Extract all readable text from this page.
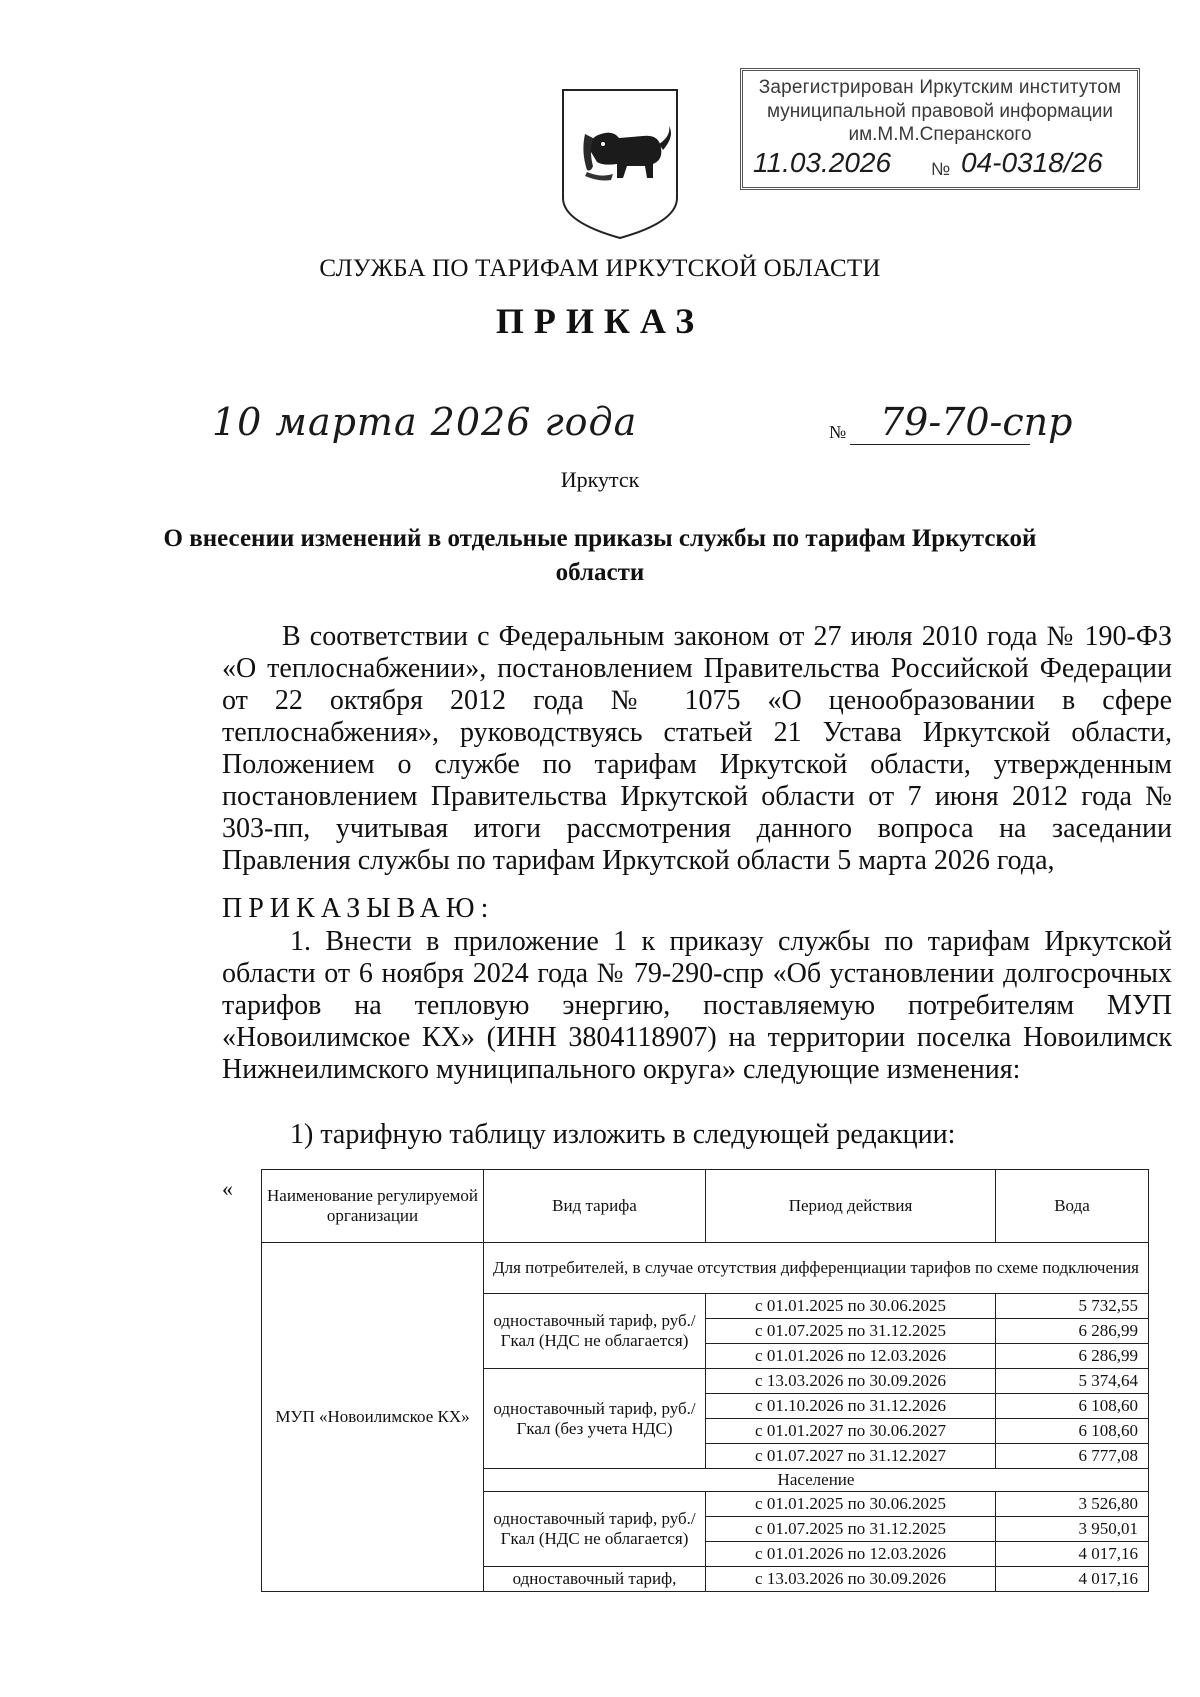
Зарегистрирован Иркутским институтом
муниципальной правовой информации
им.М.М.Сперанского
11.03.2026 № 04-0318/26
СЛУЖБА ПО ТАРИФАМ ИРКУТСКОЙ ОБЛАСТИ
ПРИКАЗ
10 марта 2026 года	№ 79-70-спр
Иркутск
О внесении изменений в отдельные приказы службы по тарифам Иркутской области
В соответствии с Федеральным законом от 27 июля 2010 года № 190-ФЗ «О теплоснабжении», постановлением Правительства Российской Федерации от 22 октября 2012 года № 1075 «О ценообразовании в сфере теплоснабжения», руководствуясь статьей 21 Устава Иркутской области, Положением о службе по тарифам Иркутской области, утвержденным постановлением Правительства Иркутской области от 7 июня 2012 года № 303-пп, учитывая итоги рассмотрения данного вопроса на заседании Правления службы по тарифам Иркутской области 5 марта 2026 года,
ПРИКАЗЫВАЮ:
1. Внести в приложение 1 к приказу службы по тарифам Иркутской области от 6 ноября 2024 года № 79-290-спр «Об установлении долгосрочных тарифов на тепловую энергию, поставляемую потребителям МУП «Новоилимское КХ» (ИНН 3804118907) на территории поселка Новоилимск Нижнеилимского муниципального округа» следующие изменения:
1) тарифную таблицу изложить в следующей редакции:
« Наименование регулируемой организации	Вид тарифа	Период действия	Вода
МУП «Новоилимское КХ»	Для потребителей, в случае отсутствия дифференциации тарифов по схеме подключения		
	одноставочный тариф, руб./Гкал (НДС не облагается)	с 01.01.2025 по 30.06.2025	5 732,55
		с 01.07.2025 по 31.12.2025	6 286,99
		с 01.01.2026 по 12.03.2026	6 286,99
	одноставочный тариф, руб./Гкал (без учета НДС)	с 13.03.2026 по 30.09.2026	5 374,64
		с 01.10.2026 по 31.12.2026	6 108,60
		с 01.01.2027 по 30.06.2027	6 108,60
		с 01.07.2027 по 31.12.2027	6 777,08
	Население		
	одноставочный тариф, руб./Гкал (НДС не облагается)	с 01.01.2025 по 30.06.2025	3 526,80
		с 01.07.2025 по 31.12.2025	3 950,01
		с 01.01.2026 по 12.03.2026	4 017,16
	одноставочный тариф,	с 13.03.2026 по 30.09.2026	4 017,16
